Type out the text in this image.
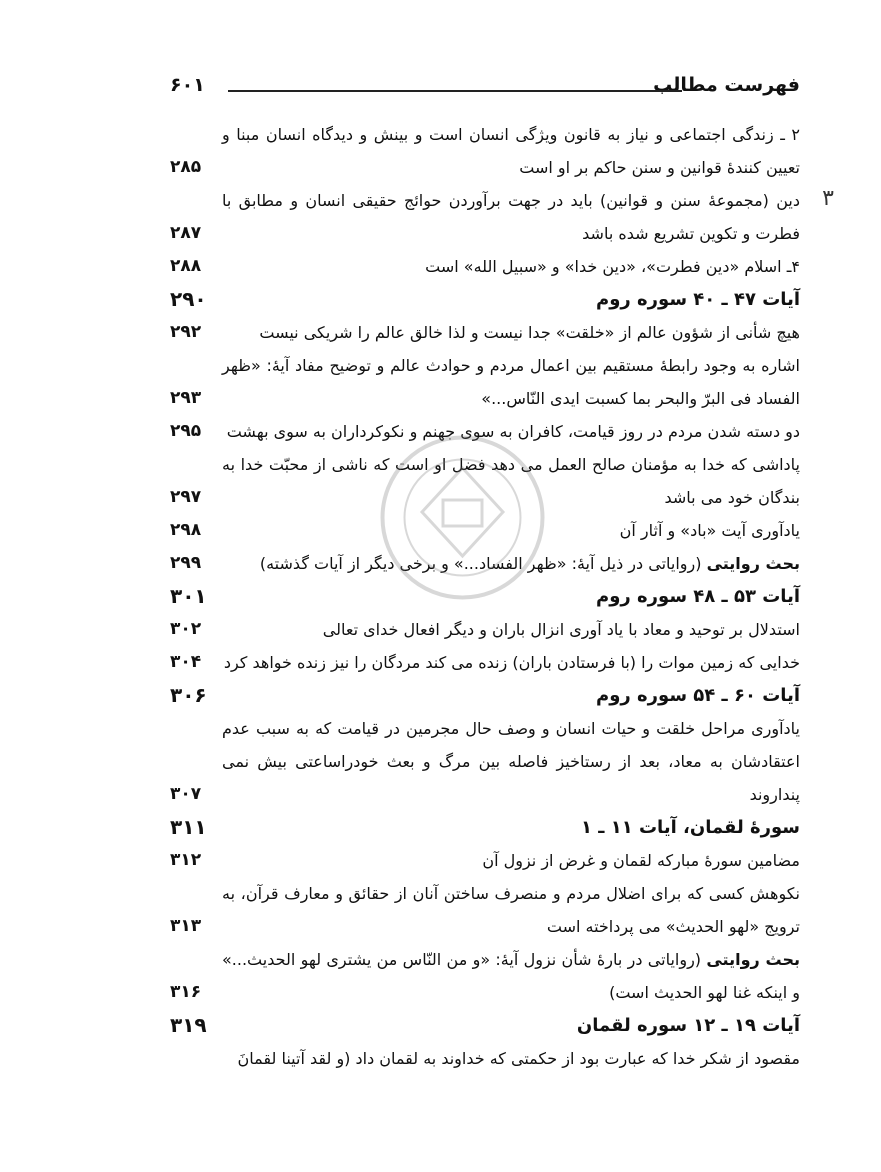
فهرست مطالب
۶۰۱
۲ ـ زندگی اجتماعی و نیاز به قانون ویژگی انسان است و بینش و دیدگاه انسان مبنا و تعیین کنندهٔ قوانین و سنن حاکم بر او است
۲۸۵
دین (مجموعهٔ سنن و قوانین) باید در جهت برآوردن حوائج حقیقی انسان و مطابق با فطرت و تکوین تشریع شده باشد
۲۸۷
۳
۴ـ اسلام «دین فطرت»، «دین خدا» و «سبیل الله» است
۲۸۸
آیات ۴۷ ـ ۴۰ سوره روم
۲۹۰
هیچ شأنی از شؤون عالم از «خلقت» جدا نیست و لذا خالق عالم را شریکی نیست
۲۹۲
اشاره به وجود رابطهٔ مستقیم بین اعمال مردم و حوادث عالم و توضیح مفاد آیهٔ: «ظهر الفساد فی البرّ والبحر بما کسبت ایدی النّاس...»
۲۹۳
دو دسته شدن مردم در روز قیامت، کافران به سوی جهنم و نکوکرداران به سوی بهشت
۲۹۵
پاداشی که خدا به مؤمنان صالح العمل می دهد فضل او است که ناشی از محبّت خدا به بندگان خود می باشد
۲۹۷
یادآوری آیت «باد» و آثار آن
۲۹۸
بحث روایتی (روایاتی در ذیل آیهٔ: «ظهر الفساد...» و برخی دیگر از آیات گذشته)
۲۹۹
آیات ۵۳ ـ ۴۸ سوره روم
۳۰۱
استدلال بر توحید و معاد با یاد آوری انزال باران و دیگر افعال خدای تعالی
۳۰۲
خدایی که زمین موات را (با فرستادن باران) زنده می کند مردگان را نیز زنده خواهد کرد
۳۰۴
آیات ۶۰ ـ ۵۴ سوره روم
۳۰۶
یادآوری مراحل خلقت و حیات انسان و وصف حال مجرمین در قیامت که به سبب عدم اعتقادشان به معاد، بعد از رستاخیز فاصله بین مرگ و بعث خودراساعتی بیش نمی پنداروند
۳۰۷
سورهٔ لقمان، آیات ۱۱ ـ ۱
۳۱۱
مضامین سورهٔ مبارکه لقمان و غرض از نزول آن
۳۱۲
نکوهش کسی که برای اضلال مردم و منصرف ساختن آنان از حقائق و معارف قرآن، به ترویج «لهو الحدیث» می پرداخته است
۳۱۳
بحث روایتی (روایاتی در بارهٔ شأن نزول آیهٔ: «و من النّاس من یشتری لهو الحدیث...» و اینکه غنا لهو الحدیث است)
۳۱۶
آیات ۱۹ ـ ۱۲ سوره لقمان
۳۱۹
مقصود از شکر خدا که عبارت بود از حکمتی که خداوند به لقمان داد (و لقد آتینا لقمانَ
